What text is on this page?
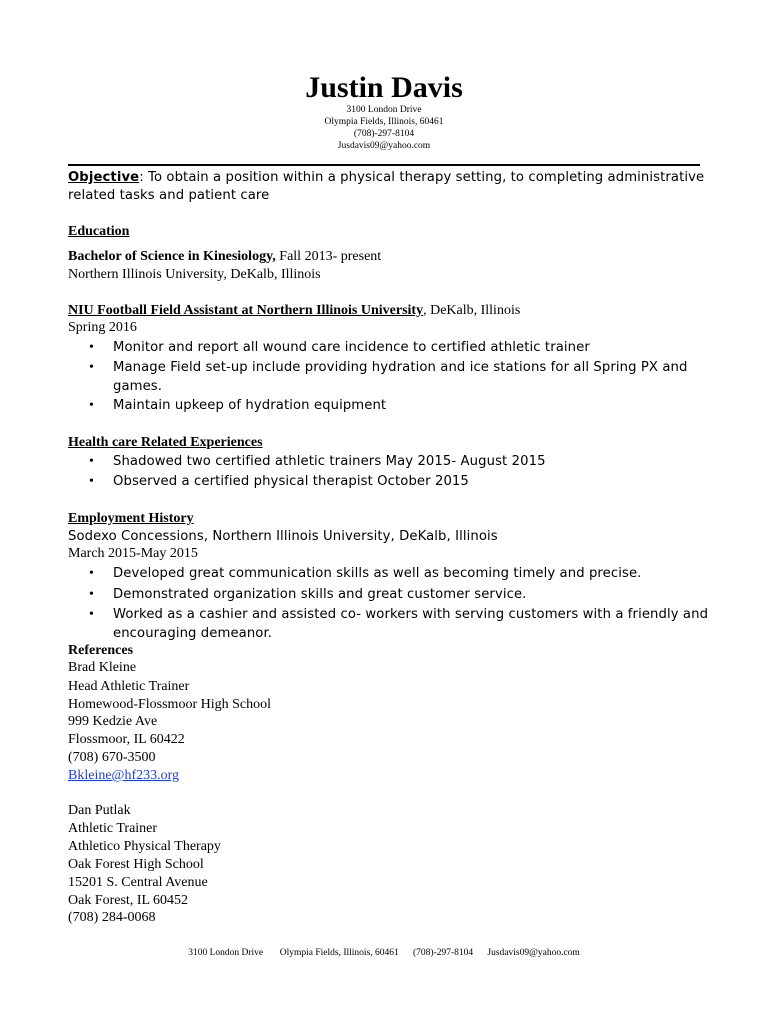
Justin Davis
3100 London Drive
Olympia Fields, Illinois, 60461
(708)-297-8104
Jusdavis09@yahoo.com
Objective: To obtain a position within a physical therapy setting, to completing administrative
related tasks and patient care
Education
Bachelor of Science in Kinesiology, Fall 2013- present
Northern Illinois University, DeKalb, Illinois
NIU Football Field Assistant at Northern Illinois University, DeKalb, Illinois
Spring 2016
• Monitor and report all wound care incidence to certified athletic trainer
• Manage Field set-up include providing hydration and ice stations for all Spring PX and
games.
• Maintain upkeep of hydration equipment
Health care Related Experiences
• Shadowed two certified athletic trainers May 2015- August 2015
• Observed a certified physical therapist October 2015
Employment History
Sodexo Concessions, Northern Illinois University, DeKalb, Illinois
March 2015-May 2015
• Developed great communication skills as well as becoming timely and precise.
• Demonstrated organization skills and great customer service.
• Worked as a cashier and assisted co- workers with serving customers with a friendly and
encouraging demeanor.
References
Brad Kleine
Head Athletic Trainer
Homewood-Flossmoor High School
999 Kedzie Ave
Flossmoor, IL 60422
(708) 670-3500
Bkleine@hf233.org
Dan Putlak
Athletic Trainer
Athletico Physical Therapy
Oak Forest High School
15201 S. Central Avenue
Oak Forest, IL 60452
(708) 284-0068
3100 London Drive       Olympia Fields, Illinois, 60461      (708)-297-8104      Jusdavis09@yahoo.com
